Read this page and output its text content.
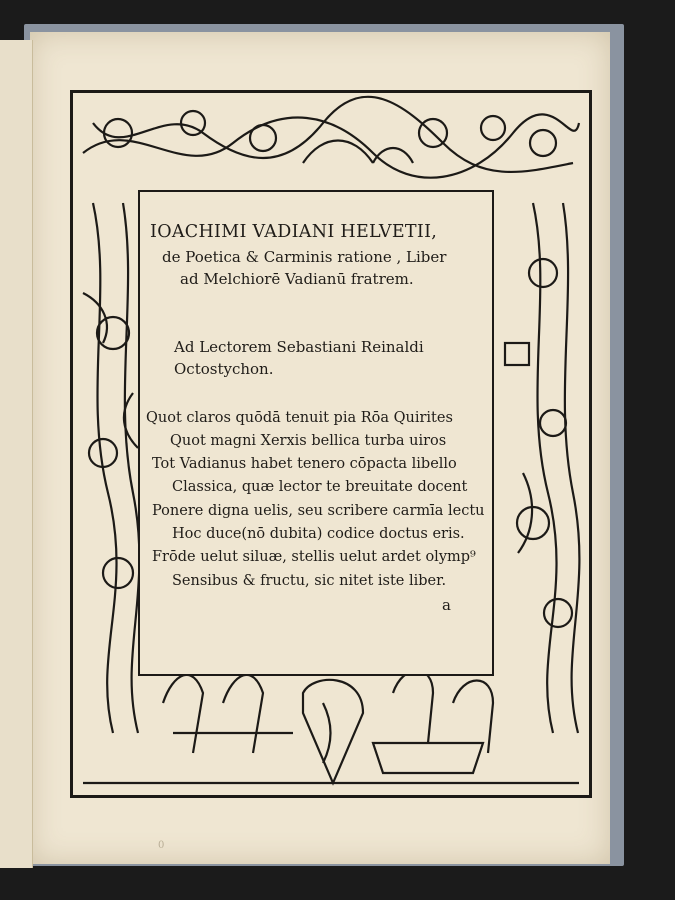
IOACHIMI VADIANI HELVETII,
de Poetica & Carminis ratione , Liber
ad Melchiorē Vadianū fratrem.
Ad Lectorem Sebastiani Reinaldi
Octostychon.
Quot claros quōdā tenuit pia Rōa Quirites
Quot magni Xerxis bellica turba uiros
Tot Vadianus habet tenero cōpacta libello
Classica, quæ lector te breuitate docent
Ponere digna uelis, seu scribere carmīa lectu
Hoc duce(nō dubita) codice doctus eris.
Frōde uelut siluæ, stellis uelut ardet olymp⁹
Sensibus & fructu, sic nitet iste liber.
a
0
